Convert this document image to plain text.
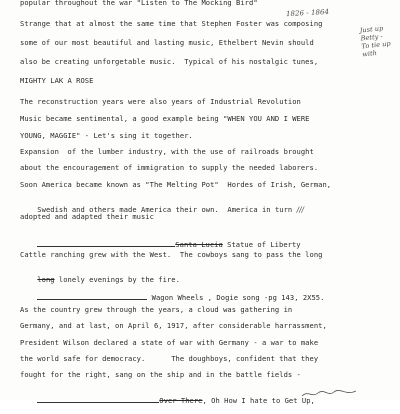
popular throughout the war "Listen to The Mocking Bird"
Strange that at almost the same time that Stephen Foster was composing
some of our most beautiful and lasting music, Ethelbert Nevin should
also be creating unforgetable music.  Typical of his nostalgic tunes,
MIGHTY LAK A ROSE
The reconstruction years were also years of Industrial Revolution
Music became sentimental, a good example being "WHEN YOU AND I WERE
YOUNG, MAGGIE" - Let's sing it together.
Expansion  of the lumber industry, with the use of railroads brought
about the encouragement of immigration to supply the needed laborers.
Soon America became known as "The Melting Pot"  Hordes of Irish, German,

Swedish and others made America their own.  America in turn  ///

adopted and adapted their music

Santa Lucia Statue of Liberty

Cattle ranching grew with the West.  The cowboys sang to pass the long

long lonely evenings by the fire.

Wagon Wheels , Dogie song -pg 143, 2X55.

As the country grew through the years, a cloud was gathering in
Germany, and at last, on April 6, 1917, after considerable harrassment,
President Wilson declared a state of war with Germany - a war to make
the world safe for democracy.      The doughboys, confident that they
fought for the right, sang on the ship and in the battle fields -

Over There, Oh How I hate to Get Up,

1826 - 1864
Just up
Betty -
To tie up
with
